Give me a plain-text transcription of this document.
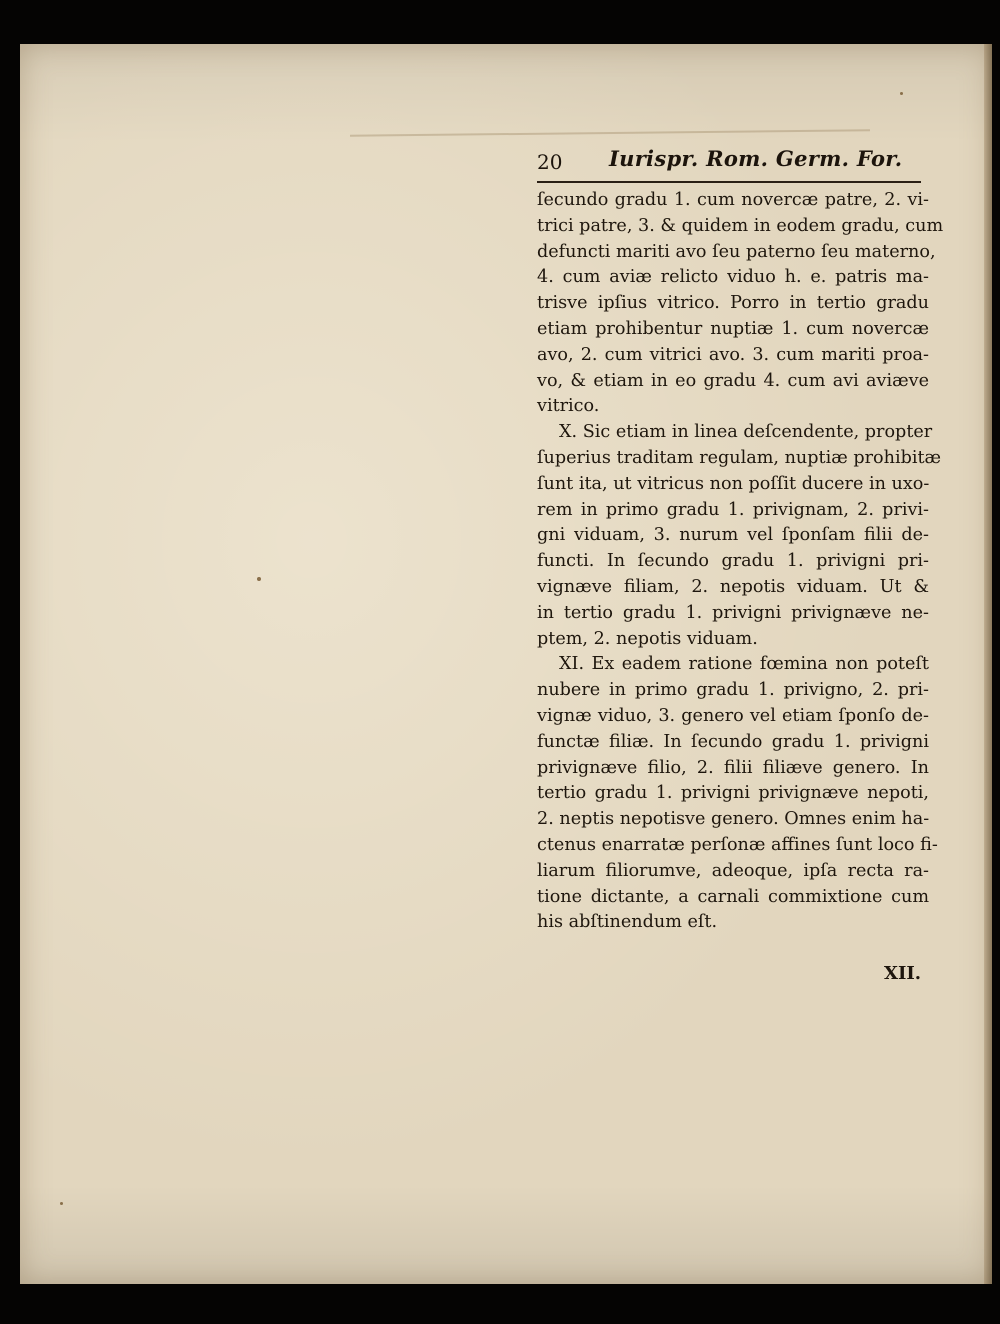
20 Iurispr. Rom. Germ. For.
ſecundo gradu 1. cum novercæ patre, 2. vi-
trici patre, 3. & quidem in eodem gradu, cum
defuncti mariti avo ſeu paterno ſeu materno,
4. cum aviæ relicto viduo h. e. patris ma-
trisve ipſius vitrico. Porro in tertio gradu
etiam prohibentur nuptiæ 1. cum novercæ
avo, 2. cum vitrici avo. 3. cum mariti proa-
vo, & etiam in eo gradu 4. cum avi aviæve
vitrico.
X. Sic etiam in linea deſcendente, propter
ſuperius traditam regulam, nuptiæ prohibitæ
ſunt ita, ut vitricus non poſſit ducere in uxo-
rem in primo gradu 1. privignam, 2. privi-
gni viduam, 3. nurum vel ſponſam filii de-
functi. In ſecundo gradu 1. privigni pri-
vignæve filiam, 2. nepotis viduam. Ut &
in tertio gradu 1. privigni privignæve ne-
ptem, 2. nepotis viduam.
XI. Ex eadem ratione fœmina non poteſt
nubere in primo gradu 1. privigno, 2. pri-
vignæ viduo, 3. genero vel etiam ſponſo de-
functæ filiæ. In ſecundo gradu 1. privigni
privignæve filio, 2. filii filiæve genero. In
tertio gradu 1. privigni privignæve nepoti,
2. neptis nepotisve genero. Omnes enim ha-
ctenus enarratæ perſonæ affines ſunt loco fi-
liarum filiorumve, adeoque, ipſa recta ra-
tione dictante, a carnali commixtione cum
his abſtinendum eſt.
XII.
